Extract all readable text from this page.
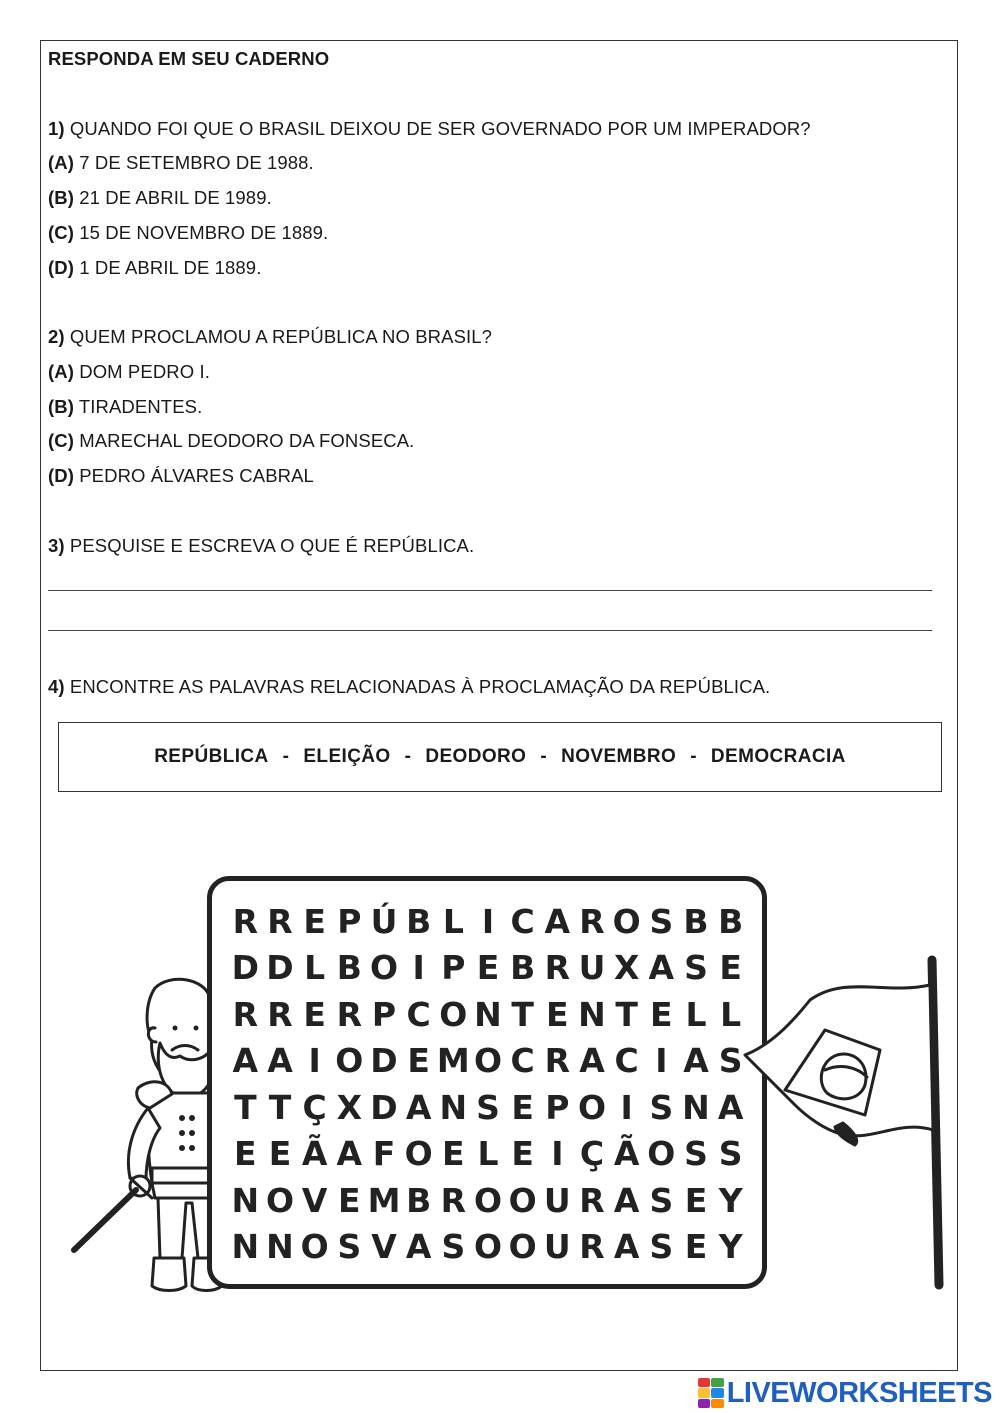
RESPONDA EM SEU CADERNO
1) QUANDO FOI QUE O BRASIL DEIXOU DE SER GOVERNADO POR UM IMPERADOR?
(A) 7 DE SETEMBRO DE 1988.
(B) 21 DE ABRIL DE 1989.
(C) 15 DE NOVEMBRO DE 1889.
(D) 1 DE ABRIL DE 1889.
2) QUEM PROCLAMOU A REPÚBLICA NO BRASIL?
(A) DOM PEDRO I.
(B) TIRADENTES.
(C) MARECHAL DEODORO DA FONSECA.
(D) PEDRO ÁLVARES CABRAL
3) PESQUISE E ESCREVA O QUE É REPÚBLICA.
4) ENCONTRE AS PALAVRAS RELACIONADAS À PROCLAMAÇÃO DA REPÚBLICA.
REPÚBLICA - ELEIÇÃO - DEODORO - NOVEMBRO - DEMOCRACIA
R R E P Ú B L I C A R O S B B
D D L B O I P E B R U X A S E
R R E R P C O N T E N T E L L
A A I O D E M O C R A C I A S
T T Ç X D A N S E P O I S N A
E E Ã A F O E L E I Ç Ã O S S
N O V E M B R O O U R A S E Y
N N O S V A S O O U R A S E Y
LIVEWORKSHEETS
